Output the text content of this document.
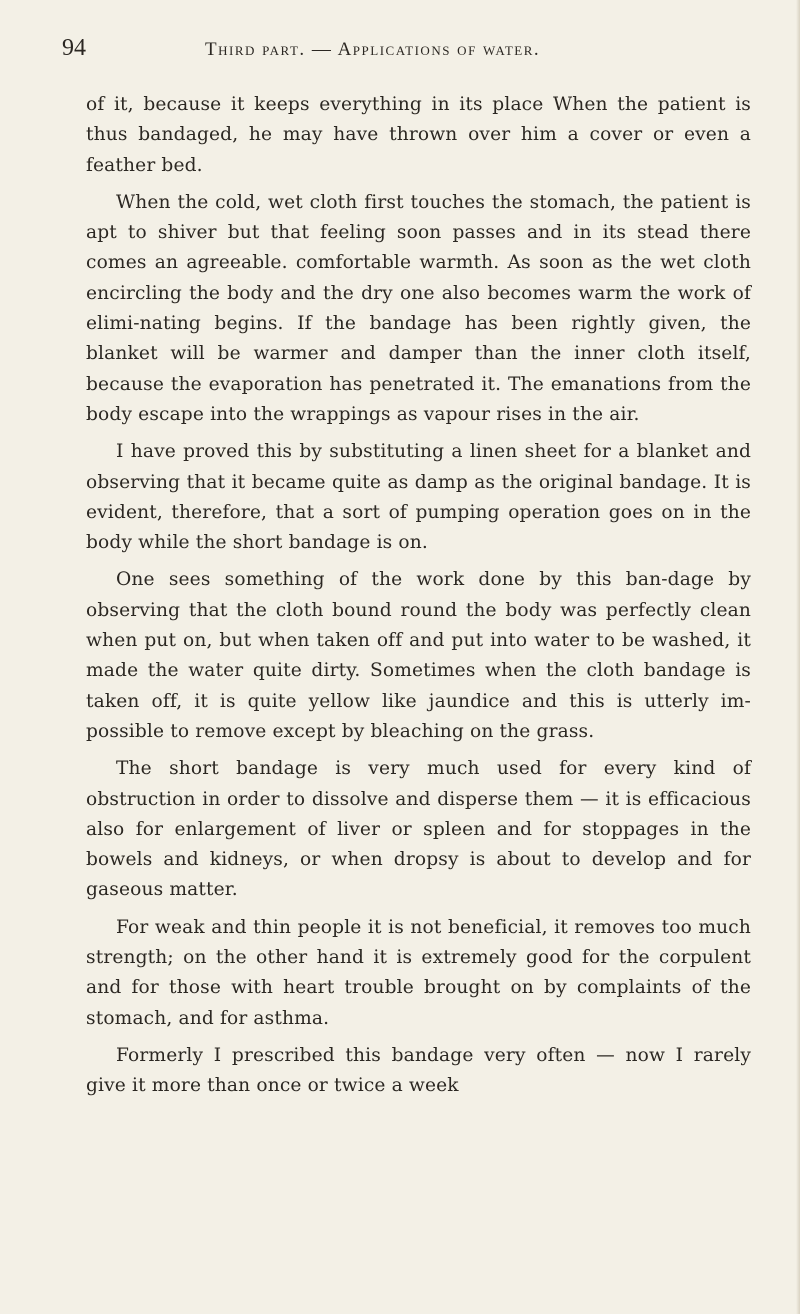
94	Third part. — Applications of water.

of it, because it keeps everything in its place When the patient is thus bandaged, he may have thrown over him a cover or even a feather bed.

When the cold, wet cloth first touches the stomach, the patient is apt to shiver but that feeling soon passes and in its stead there comes an agreeable. comfortable warmth. As soon as the wet cloth encircling the body and the dry one also becomes warm the work of elimi-nating begins. If the bandage has been rightly given, the blanket will be warmer and damper than the inner cloth itself, because the evaporation has penetrated it. The emanations from the body escape into the wrappings as vapour rises in the air.

I have proved this by substituting a linen sheet for a blanket and observing that it became quite as damp as the original bandage. It is evident, therefore, that a sort of pumping operation goes on in the body while the short bandage is on.

One sees something of the work done by this ban-dage by observing that the cloth bound round the body was perfectly clean when put on, but when taken off and put into water to be washed, it made the water quite dirty. Sometimes when the cloth bandage is taken off, it is quite yellow like jaundice and this is utterly im-possible to remove except by bleaching on the grass.

The short bandage is very much used for every kind of obstruction in order to dissolve and disperse them — it is efficacious also for enlargement of liver or spleen and for stoppages in the bowels and kidneys, or when dropsy is about to develop and for gaseous matter.

For weak and thin people it is not beneficial, it removes too much strength; on the other hand it is extremely good for the corpulent and for those with heart trouble brought on by complaints of the stomach, and for asthma.

Formerly I prescribed this bandage very often — now I rarely give it more than once or twice a week
